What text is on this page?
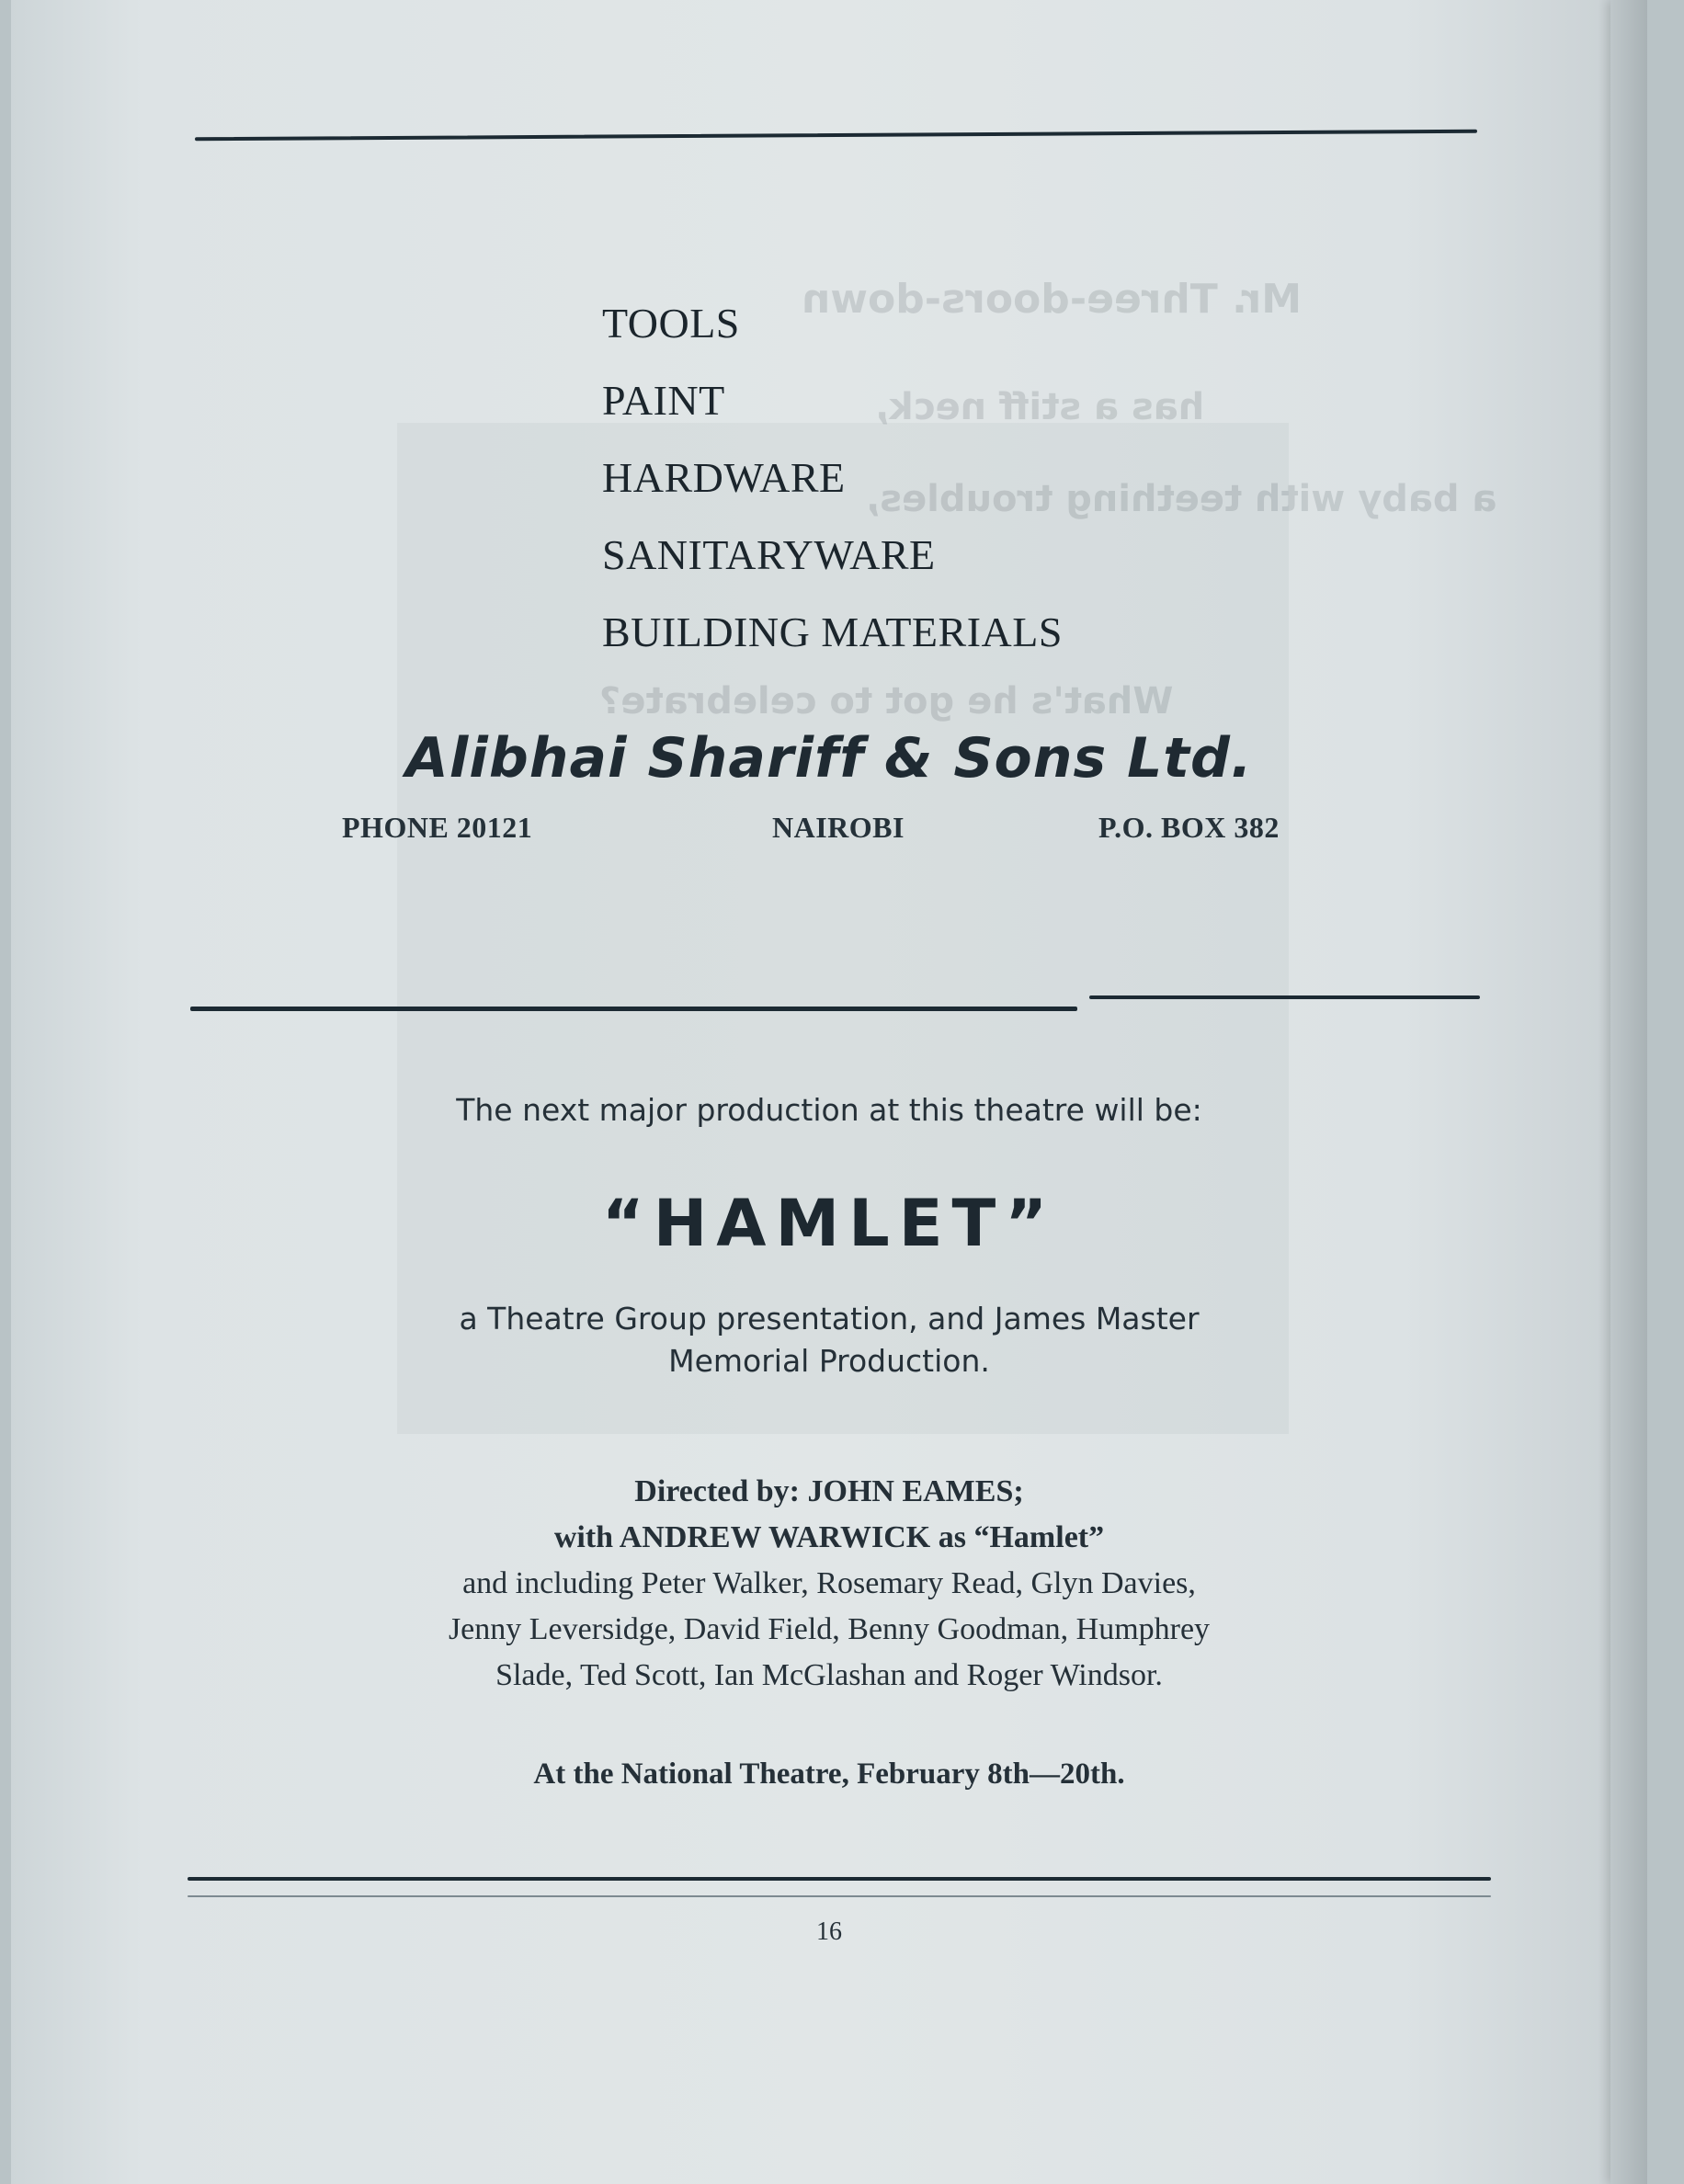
Mr. Three-doors-down
has a stiff neck,
a baby with teething troubles,
What's he got to celebrate?
TOOLS
PAINT
HARDWARE
SANITARYWARE
BUILDING MATERIALS
Alibhai Shariff & Sons Ltd.
PHONE 20121	NAIROBI	P.O. BOX 382
The next major production at this theatre will be:
“HAMLET”
a Theatre Group presentation, and James Master
Memorial Production.
Directed by: JOHN EAMES;
with ANDREW WARWICK as “Hamlet”
and including Peter Walker, Rosemary Read, Glyn Davies,
Jenny Leversidge, David Field, Benny Goodman, Humphrey
Slade, Ted Scott, Ian McGlashan and Roger Windsor.
At the National Theatre, February 8th—20th.
16
